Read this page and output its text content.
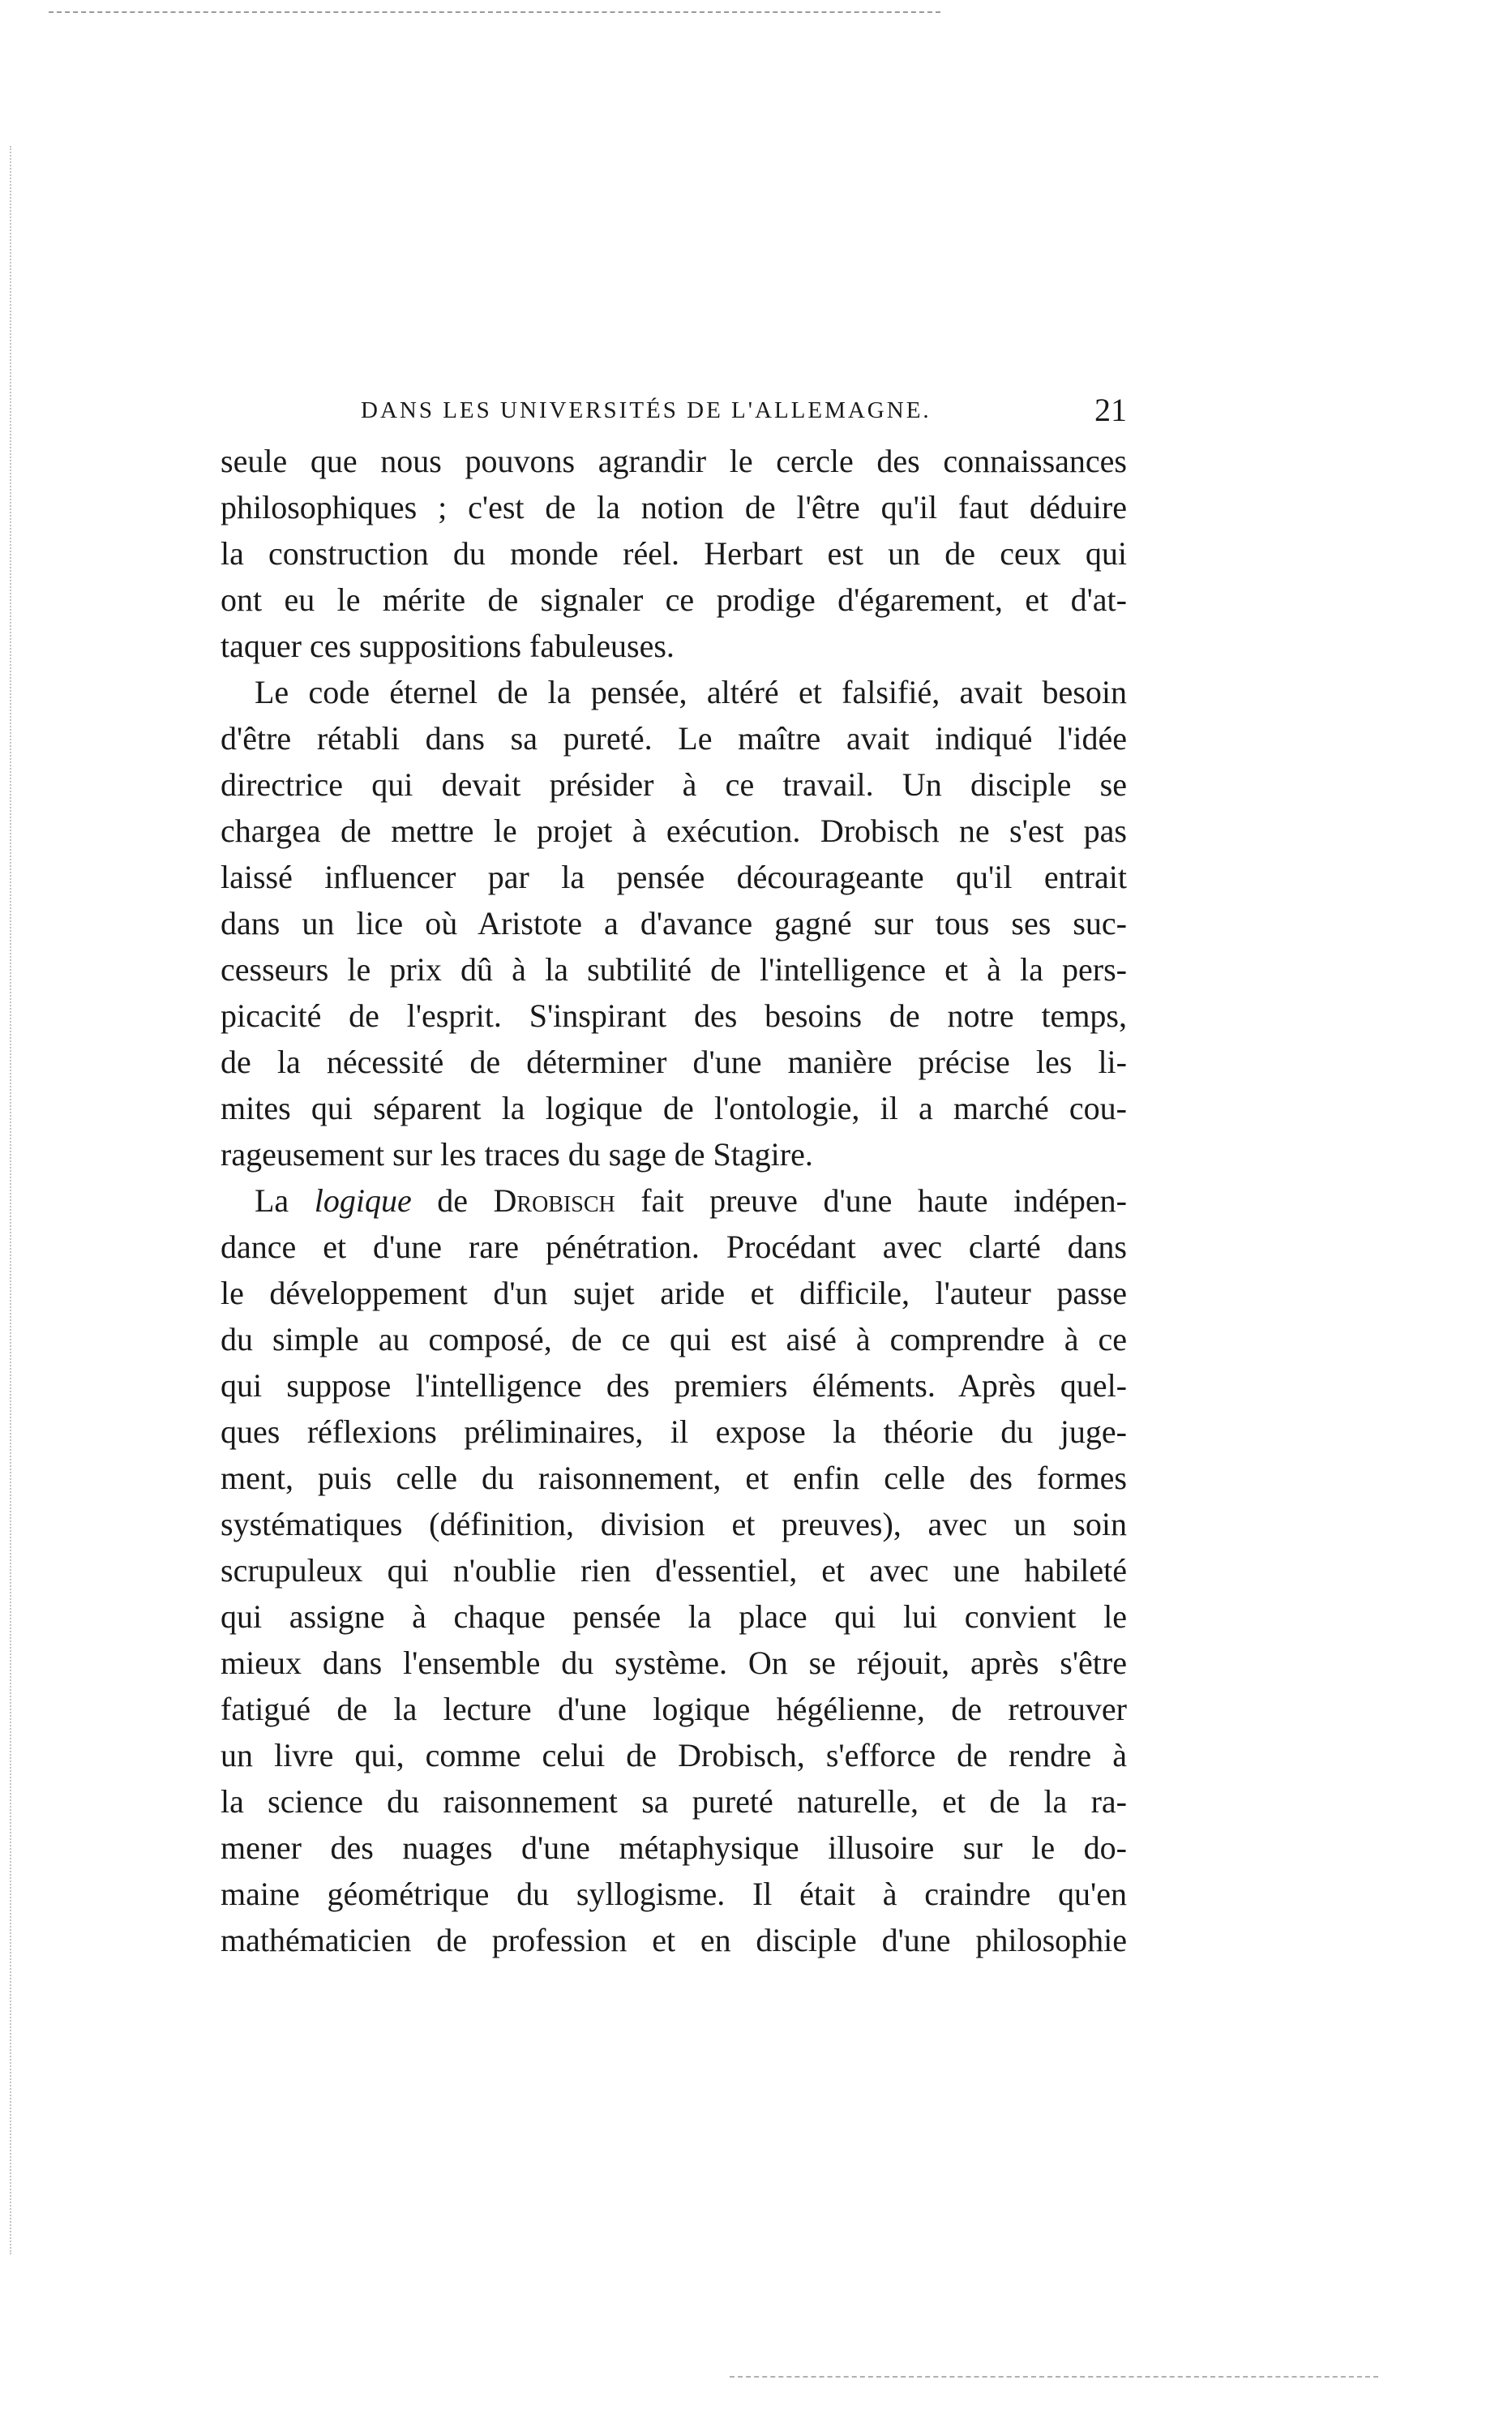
DANS LES UNIVERSITÉS DE L'ALLEMAGNE.	21
seule que nous pouvons agrandir le cercle des connaissances
philosophiques ; c'est de la notion de l'être qu'il faut déduire
la construction du monde réel. Herbart est un de ceux qui
ont eu le mérite de signaler ce prodige d'égarement, et d'at-
taquer ces suppositions fabuleuses.
Le code éternel de la pensée, altéré et falsifié, avait besoin
d'être rétabli dans sa pureté. Le maître avait indiqué l'idée
directrice qui devait présider à ce travail. Un disciple se
chargea de mettre le projet à exécution. Drobisch ne s'est pas
laissé influencer par la pensée décourageante qu'il entrait
dans un lice où Aristote a d'avance gagné sur tous ses suc-
cesseurs le prix dû à la subtilité de l'intelligence et à la pers-
picacité de l'esprit. S'inspirant des besoins de notre temps,
de la nécessité de déterminer d'une manière précise les li-
mites qui séparent la logique de l'ontologie, il a marché cou-
rageusement sur les traces du sage de Stagire.
La logique de Drobisch fait preuve d'une haute indépen-
dance et d'une rare pénétration. Procédant avec clarté dans
le développement d'un sujet aride et difficile, l'auteur passe
du simple au composé, de ce qui est aisé à comprendre à ce
qui suppose l'intelligence des premiers éléments. Après quel-
ques réflexions préliminaires, il expose la théorie du juge-
ment, puis celle du raisonnement, et enfin celle des formes
systématiques (définition, division et preuves), avec un soin
scrupuleux qui n'oublie rien d'essentiel, et avec une habileté
qui assigne à chaque pensée la place qui lui convient le
mieux dans l'ensemble du système. On se réjouit, après s'être
fatigué de la lecture d'une logique hégélienne, de retrouver
un livre qui, comme celui de Drobisch, s'efforce de rendre à
la science du raisonnement sa pureté naturelle, et de la ra-
mener des nuages d'une métaphysique illusoire sur le do-
maine géométrique du syllogisme. Il était à craindre qu'en
mathématicien de profession et en disciple d'une philosophie
